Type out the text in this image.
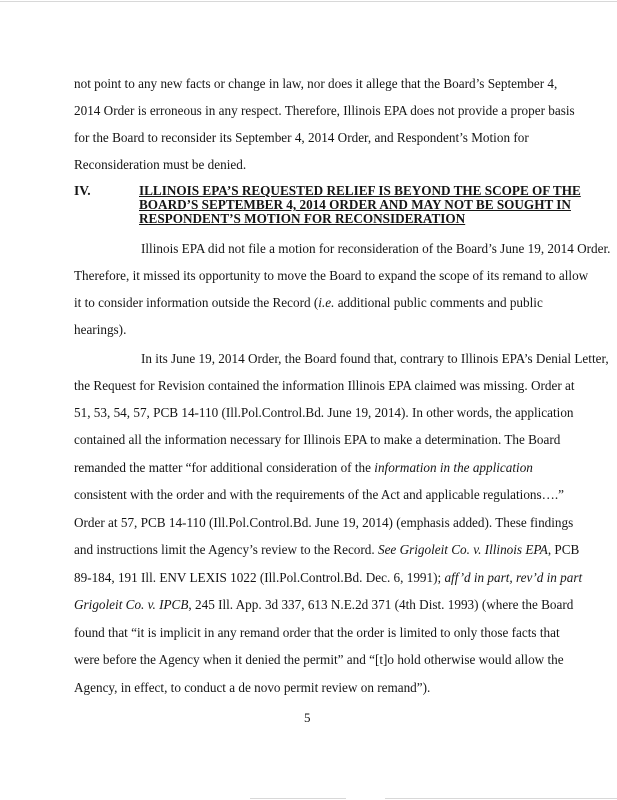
not point to any new facts or change in law, nor does it allege that the Board’s September 4,
2014 Order is erroneous in any respect. Therefore, Illinois EPA does not provide a proper basis
for the Board to reconsider its September 4, 2014 Order, and Respondent’s Motion for
Reconsideration must be denied.
IV.	ILLINOIS EPA’S REQUESTED RELIEF IS BEYOND THE SCOPE OF THE
BOARD’S SEPTEMBER 4, 2014 ORDER AND MAY NOT BE SOUGHT IN
RESPONDENT’S MOTION FOR RECONSIDERATION
Illinois EPA did not file a motion for reconsideration of the Board’s June 19, 2014 Order.
Therefore, it missed its opportunity to move the Board to expand the scope of its remand to allow
it to consider information outside the Record (i.e. additional public comments and public
hearings).
In its June 19, 2014 Order, the Board found that, contrary to Illinois EPA’s Denial Letter,
the Request for Revision contained the information Illinois EPA claimed was missing. Order at
51, 53, 54, 57, PCB 14-110 (Ill.Pol.Control.Bd. June 19, 2014). In other words, the application
contained all the information necessary for Illinois EPA to make a determination. The Board
remanded the matter “for additional consideration of the information in the application
consistent with the order and with the requirements of the Act and applicable regulations….”
Order at 57, PCB 14-110 (Ill.Pol.Control.Bd. June 19, 2014) (emphasis added). These findings
and instructions limit the Agency’s review to the Record. See Grigoleit Co. v. Illinois EPA, PCB
89-184, 191 Ill. ENV LEXIS 1022 (Ill.Pol.Control.Bd. Dec. 6, 1991); aff’d in part, rev’d in part
Grigoleit Co. v. IPCB, 245 Ill. App. 3d 337, 613 N.E.2d 371 (4th Dist. 1993) (where the Board
found that “it is implicit in any remand order that the order is limited to only those facts that
were before the Agency when it denied the permit” and “[t]o hold otherwise would allow the
Agency, in effect, to conduct a de novo permit review on remand”).
5
